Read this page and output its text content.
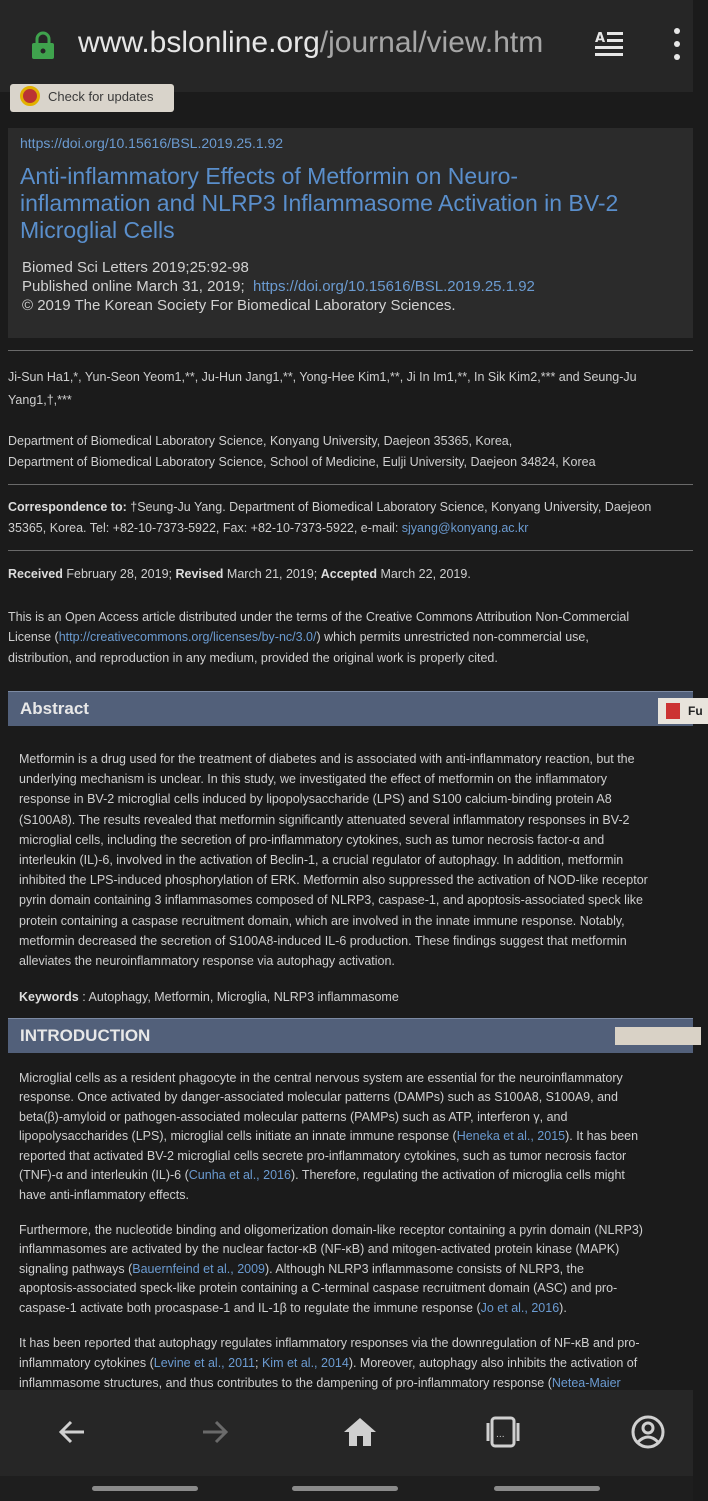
www.bslonline.org/journal/view.htm	A
Check for updates
https://doi.org/10.15616/BSL.2019.25.1.92
Anti-inflammatory Effects of Metformin on Neuro-
inflammation and NLRP3 Inflammasome Activation in BV-2
Microglial Cells
Biomed Sci Letters 2019;25:92-98
Published online March 31, 2019; https://doi.org/10.15616/BSL.2019.25.1.92
© 2019 The Korean Society For Biomedical Laboratory Sciences.
Ji-Sun Ha1,*, Yun-Seon Yeom1,**, Ju-Hun Jang1,**, Yong-Hee Kim1,**, Ji In Im1,**, In Sik Kim2,*** and Seung-Ju
Yang1,†,***
Department of Biomedical Laboratory Science, Konyang University, Daejeon 35365, Korea,
Department of Biomedical Laboratory Science, School of Medicine, Eulji University, Daejeon 34824, Korea
Correspondence to: †Seung-Ju Yang. Department of Biomedical Laboratory Science, Konyang University, Daejeon
35365, Korea. Tel: +82-10-7373-5922, Fax: +82-10-7373-5922, e-mail: sjyang@konyang.ac.kr
Received February 28, 2019; Revised March 21, 2019; Accepted March 22, 2019.
This is an Open Access article distributed under the terms of the Creative Commons Attribution Non-Commercial
License (http://creativecommons.org/licenses/by-nc/3.0/) which permits unrestricted non-commercial use,
distribution, and reproduction in any medium, provided the original work is properly cited.
Abstract	Fu
Metformin is a drug used for the treatment of diabetes and is associated with anti-inflammatory reaction, but the
underlying mechanism is unclear. In this study, we investigated the effect of metformin on the inflammatory
response in BV-2 microglial cells induced by lipopolysaccharide (LPS) and S100 calcium-binding protein A8
(S100A8). The results revealed that metformin significantly attenuated several inflammatory responses in BV-2
microglial cells, including the secretion of pro-inflammatory cytokines, such as tumor necrosis factor-α and
interleukin (IL)-6, involved in the activation of Beclin-1, a crucial regulator of autophagy. In addition, metformin
inhibited the LPS-induced phosphorylation of ERK. Metformin also suppressed the activation of NOD-like receptor
pyrin domain containing 3 inflammasomes composed of NLRP3, caspase-1, and apoptosis-associated speck like
protein containing a caspase recruitment domain, which are involved in the innate immune response. Notably,
metformin decreased the secretion of S100A8-induced IL-6 production. These findings suggest that metformin
alleviates the neuroinflammatory response via autophagy activation.
Keywords : Autophagy, Metformin, Microglia, NLRP3 inflammasome
INTRODUCTION
Microglial cells as a resident phagocyte in the central nervous system are essential for the neuroinflammatory
response. Once activated by danger-associated molecular patterns (DAMPs) such as S100A8, S100A9, and
beta(β)-amyloid or pathogen-associated molecular patterns (PAMPs) such as ATP, interferon γ, and
lipopolysaccharides (LPS), microglial cells initiate an innate immune response (Heneka et al., 2015). It has been
reported that activated BV-2 microglial cells secrete pro-inflammatory cytokines, such as tumor necrosis factor
(TNF)-α and interleukin (IL)-6 (Cunha et al., 2016). Therefore, regulating the activation of microglia cells might
have anti-inflammatory effects.
Furthermore, the nucleotide binding and oligomerization domain-like receptor containing a pyrin domain (NLRP3)
inflammasomes are activated by the nuclear factor-κB (NF-κB) and mitogen-activated protein kinase (MAPK)
signaling pathways (Bauernfeind et al., 2009). Although NLRP3 inflammasome consists of NLRP3, the
apoptosis-associated speck-like protein containing a C-terminal caspase recruitment domain (ASC) and pro-
caspase-1 activate both procaspase-1 and IL-1β to regulate the immune response (Jo et al., 2016).
It has been reported that autophagy regulates inflammatory responses via the downregulation of NF-κB and pro-
inflammatory cytokines (Levine et al., 2011; Kim et al., 2014). Moreover, autophagy also inhibits the activation of
inflammasome structures, and thus contributes to the dampening of pro-inflammatory response (Netea-Maier
...
